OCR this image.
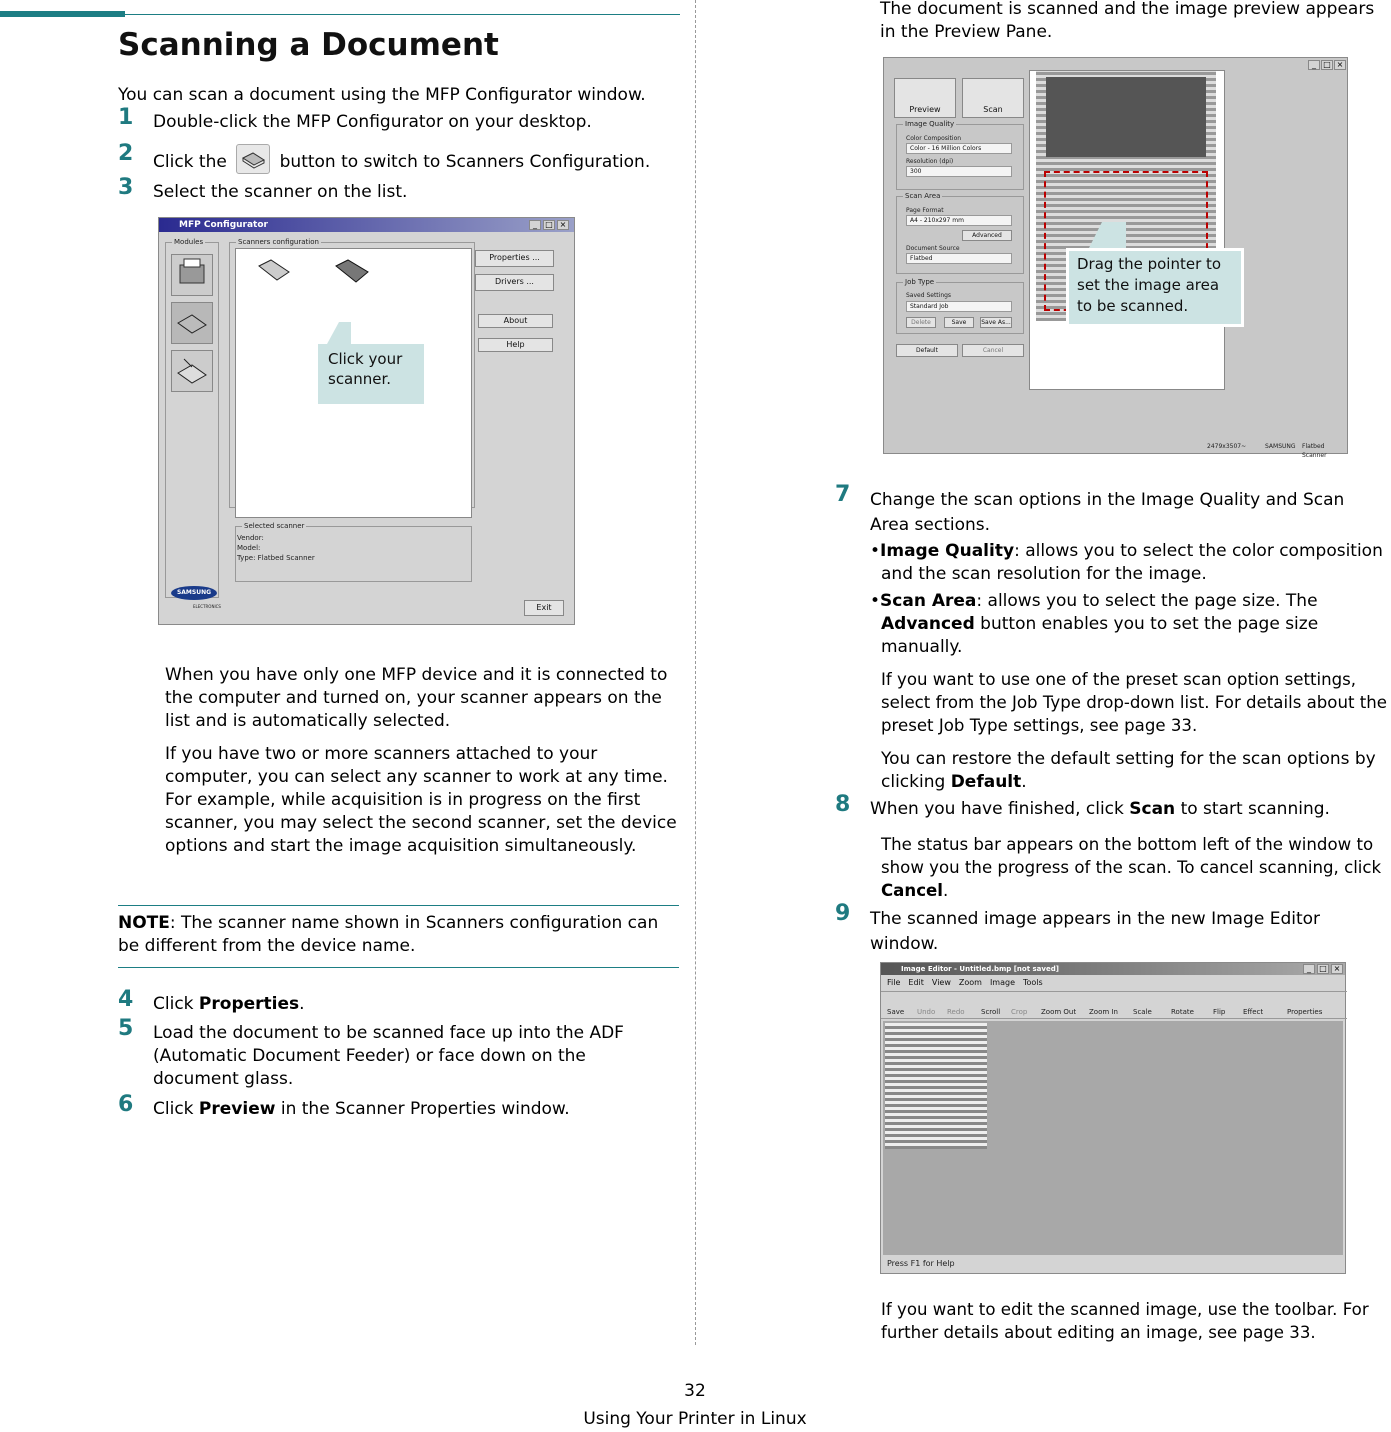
Scanning a Document
You can scan a document using the MFP Configurator window.
1 Double-click the MFP Configurator on your desktop.
2 Click the	button to switch to Scanners Configuration.
3 Select the scanner on the list.
MFP Configurator	_	□ ×
Modules	Scanners configuration
Click your scanner.
Properties ...
Drivers ...
About
Help
Selected scanner
Vendor:
Model:
Type: Flatbed Scanner
SAMSUNG
ELECTRONICS	Exit
When you have only one MFP device and it is connected to the computer and turned on, your scanner appears on the list and is automatically selected.
If you have two or more scanners attached to your computer, you can select any scanner to work at any time. For example, while acquisition is in progress on the first scanner, you may select the second scanner, set the device options and start the image acquisition simultaneously.
NOTE: The scanner name shown in Scanners configuration can be different from the device name.
4 Click Properties.
5 Load the document to be scanned face up into the ADF (Automatic Document Feeder) or face down on the document glass.
6 Click Preview in the Scanner Properties window.
The document is scanned and the image preview appears in the Preview Pane.
_ □ ×
Preview	Scan
Image Quality
Color Composition
Color - 16 Million Colors
Resolution (dpi)
300
Scan Area
Page Format
A4 - 210x297 mm
Advanced
Document Source
Flatbed
Job Type
Saved Settings
Standard Job
Delete	Save	Save As...
Default	Cancel
2479x3507~	SAMSUNG Flatbed Scanner
Drag the pointer to set the image area to be scanned.
7 Change the scan options in the Image Quality and Scan Area sections.
•Image Quality: allows you to select the color composition and the scan resolution for the image.
•Scan Area: allows you to select the page size. The Advanced button enables you to set the page size manually.
If you want to use one of the preset scan option settings, select from the Job Type drop-down list. For details about the preset Job Type settings, see page 33.
You can restore the default setting for the scan options by clicking Default.
8 When you have finished, click Scan to start scanning.
The status bar appears on the bottom left of the window to show you the progress of the scan. To cancel scanning, click Cancel.
9 The scanned image appears in the new Image Editor window.
Image Editor - Untitled.bmp [not saved]	_	□ ×
File Edit View Zoom Image Tools
Save Undo Redo Scroll Crop Zoom Out Zoom In Scale	Rotate	Flip	Effect	Properties
Press F1 for Help
If you want to edit the scanned image, use the toolbar. For further details about editing an image, see page 33.
32
Using Your Printer in Linux
